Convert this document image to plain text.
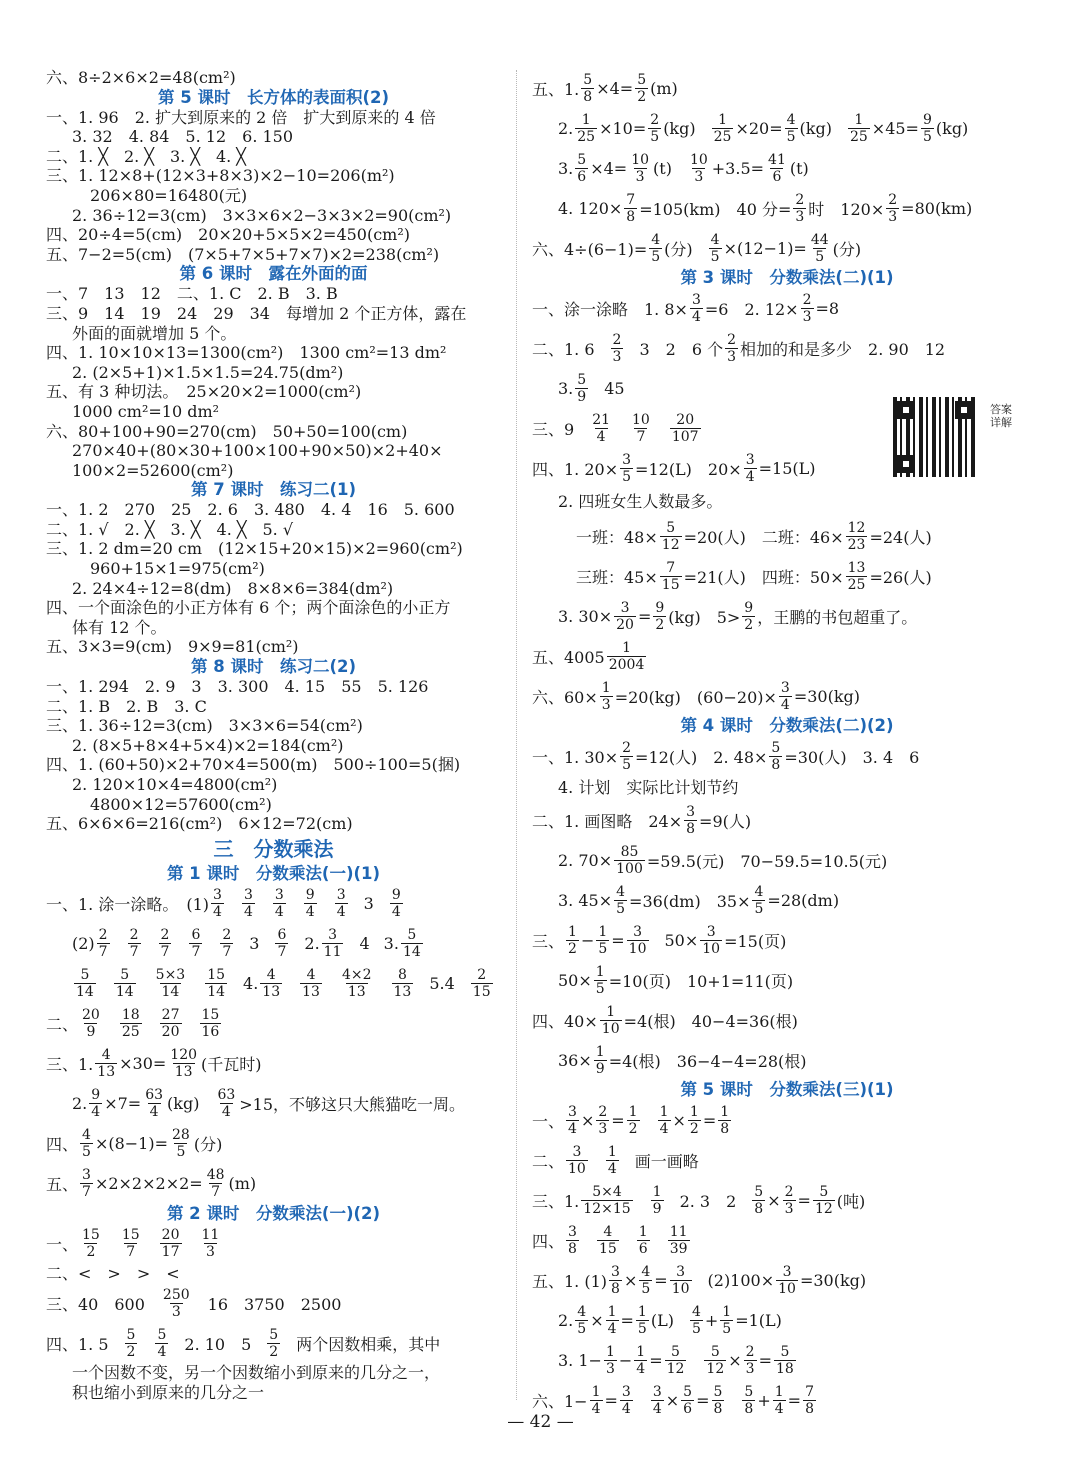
六、8÷2×6×2=48(cm²)
第 5 课时　长方体的表面积(2)
一、1. 96　2. 扩大到原来的 2 倍　扩大到原来的 4 倍
3. 32　4. 84　5. 12　6. 150
二、1. ╳　2. ╳　3. ╳　4. ╳
三、1. 12×8+(12×3+8×3)×2−10=206(m²)
206×80=16480(元)
2. 36÷12=3(cm)　3×3×6×2−3×3×2=90(cm²)
四、20÷4=5(cm)　20×20+5×5×2=450(cm²)
五、7−2=5(cm)　(7×5+7×5+7×7)×2=238(cm²)
第 6 课时　露在外面的面
一、7　13　12　二、1. C　2. B　3. B
三、9　14　19　24　29　34　每增加 2 个正方体，露在
外面的面就增加 5 个。
四、1. 10×10×13=1300(cm²)　1300 cm²=13 dm²
2. (2×5+1)×1.5×1.5=24.75(dm²)
五、有 3 种切法。　25×20×2=1000(cm²)
1000 cm²=10 dm²
六、80+100+90=270(cm)　50+50=100(cm)
270×40+(80×30+100×100+90×50)×2+40×
100×2=52600(cm²)
第 7 课时　练习二(1)
一、1. 2　270　25　2. 6　3. 480　4. 4　16　5. 600
二、1. √　2. ╳　3. ╳　4. ╳　5. √
三、1. 2 dm=20 cm　(12×15+20×15)×2=960(cm²)
960+15×1=975(cm²)
2. 24×4÷12=8(dm)　8×8×6=384(dm²)
四、一个面涂色的小正方体有 6 个；两个面涂色的小正方
体有 12 个。
五、3×3=9(cm)　9×9=81(cm²)
第 8 课时　练习二(2)
一、1. 294　2. 9　3　3. 300　4. 15　55　5. 126
二、1. B　2. B　3. C
三、1. 36÷12=3(cm)　3×3×6=54(cm²)
2. (8×5+8×4+5×4)×2=184(cm²)
四、1. (60+50)×2+70×4=500(m)　500÷100=5(捆)
2. 120×10×4=4800(cm²)
4800×12=57600(cm²)
五、6×6×6=216(cm²)　6×12=72(cm)
三　分数乘法
第 1 课时　分数乘法(一)(1)
一、1. 涂一涂略。　$(1) \frac{3}{4} \frac{3}{4} \frac{3}{4} \frac{9}{4} \frac{3}{4} 3 \frac{9}{4}$
$(2) \frac{2}{7} \frac{2}{7} \frac{2}{7} \frac{6}{7} \frac{2}{7} 3 \frac{6}{7} 2$. $\frac{3}{11} 4$ 3. $\frac{5}{14}$
$\frac{5}{14} \frac{5}{14} \frac{5\times 3}{14} \frac{15}{14} 4$. $\frac{4}{13} \frac{4}{13} \frac{4\times 2}{13} \frac{8}{13} 5.4 \frac{2}{15}$
二、 $\frac{20}{9} \frac{18}{25} \frac{27}{20} \frac{15}{16}$
三、1. $\frac{4}{13} \times 30= \frac{120}{13}$ (千瓦时)
2. $\frac{9}{4} \times 7= \frac{63}{4} (kg) \frac{63}{4} >15$，不够这只大熊猫吃一周。
四、 $\frac{4}{5} \times(8-1)= \frac{28}{5}$ (分)
五、 $\frac{3}{7} \times 2\times 2\times 2\times 2= \frac{48}{7} (m)$
第 2 课时　分数乘法(一)(2)
一、 $\frac{15}{2} \frac{15}{7} \frac{20}{17} \frac{11}{3}$
二、<　>　>　<
三、40　$600 \frac{250}{3} 16$　3750　2500
四、1. $5 \frac{5}{2} \frac{5}{4} 2$. 10　$5 \frac{5}{2}$ 两个因数相乘，其中
一个因数不变，另一个因数缩小到原来的几分之一，
积也缩小到原来的几分之一
五、1. $\frac{5}{8} \times 4= \frac{5}{2} (m)$
2. $\frac{1}{25} \times 10= \frac{2}{5} (kg) \frac{1}{25} \times 20= \frac{4}{5} (kg) \frac{1}{25} \times 45= \frac{9}{5} (kg)$
3. $\frac{5}{6} \times 4= \frac{10}{3} (t) \frac{10}{3} +3.5= \frac{41}{6} (t)$
4. $120\times \frac{7}{8} =105(km)$　40 分= $\frac{2}{3}$ 时　$120\times \frac{2}{3} =80(km)$
六、$4\div(6-1)= \frac{4}{5}$ (分) $\frac{4}{5} \times(12-1)= \frac{44}{5}$ (分)
第 3 课时　分数乘法(二)(1)
一、涂一涂略　1. $8\times \frac{3}{4} =6$　2. $12\times \frac{2}{3} =8$
二、1. $6 \frac{2}{3} 3$　2　6 个 $\frac{2}{3}$ 相加的和是多少　2. 90　12
3. $\frac{5}{9} 45$
三、$9 \frac{21}{4} \frac{10}{7} \frac{20}{107}$
四、1. $20\times \frac{3}{5} =12(L)$　$20\times \frac{3}{4} =15(L)$
2. 四班女生人数最多。
一班：$48\times \frac{5}{12} =20$(人)　二班：$46\times \frac{12}{23} =24$(人)
三班：$45\times \frac{7}{15} =21$(人)　四班：$50\times \frac{13}{25} =26$(人)
3. $30\times \frac{3}{20} = \frac{9}{2} (kg)$　$5> \frac{9}{2}$ ，王鹏的书包超重了。
五、$4005 \frac{1}{2004}$
六、$60\times \frac{1}{3} =20(kg)$　$(60-20)\times \frac{3}{4} =30(kg)$
第 4 课时　分数乘法(二)(2)
一、1. $30\times \frac{2}{5} =12$(人)　2. $48\times \frac{5}{8} =30$(人)　3. 4　6
4. 计划　实际比计划节约
二、1. 画图略　$24\times \frac{3}{8} =9$(人)
2. $70\times \frac{85}{100} =59.5$(元)　70−59.5=10.5(元)
3. $45\times \frac{4}{5} =36(dm)$　$35\times \frac{4}{5} =28(dm)$
三、 $\frac{1}{2} - \frac{1}{5} = \frac{3}{10} 50\times \frac{3}{10} =15$(页)
$50\times \frac{1}{5} =10$(页)　10+1=11(页)
四、$40\times \frac{1}{10} =4$(根)　40−4=36(根)
$36\times \frac{1}{9} =4$(根)　36−4−4=28(根)
第 5 课时　分数乘法(三)(1)
一、 $\frac{3}{4} \times \frac{2}{3} = \frac{1}{2} \frac{1}{4} \times \frac{1}{2} = \frac{1}{8}$
二、 $\frac{3}{10} \frac{1}{4}$ 画一画略
三、1. $\frac{5\times 4}{12\times 15} \frac{1}{9} 2$. 3　$2 \frac{5}{8} \times \frac{2}{3} = \frac{5}{12}$ (吨)
四、 $\frac{3}{8} \frac{4}{15} \frac{1}{6} \frac{11}{39}$
五、1. $(1) \frac{3}{8} \times \frac{4}{5} = \frac{3}{10} (2)100\times \frac{3}{10} =30(kg)$
2. $\frac{4}{5} \times \frac{1}{4} = \frac{1}{5} (L) \frac{4}{5} + \frac{1}{5} =1(L)$
3. $1- \frac{1}{3} - \frac{1}{4} = \frac{5}{12} \frac{5}{12} \times \frac{2}{3} = \frac{5}{18}$
六、$1- \frac{1}{4} = \frac{3}{4} \frac{3}{4} \times \frac{5}{6} = \frac{5}{8} \frac{5}{8} + \frac{1}{4} = \frac{7}{8}$
答案详解
— 42 —
